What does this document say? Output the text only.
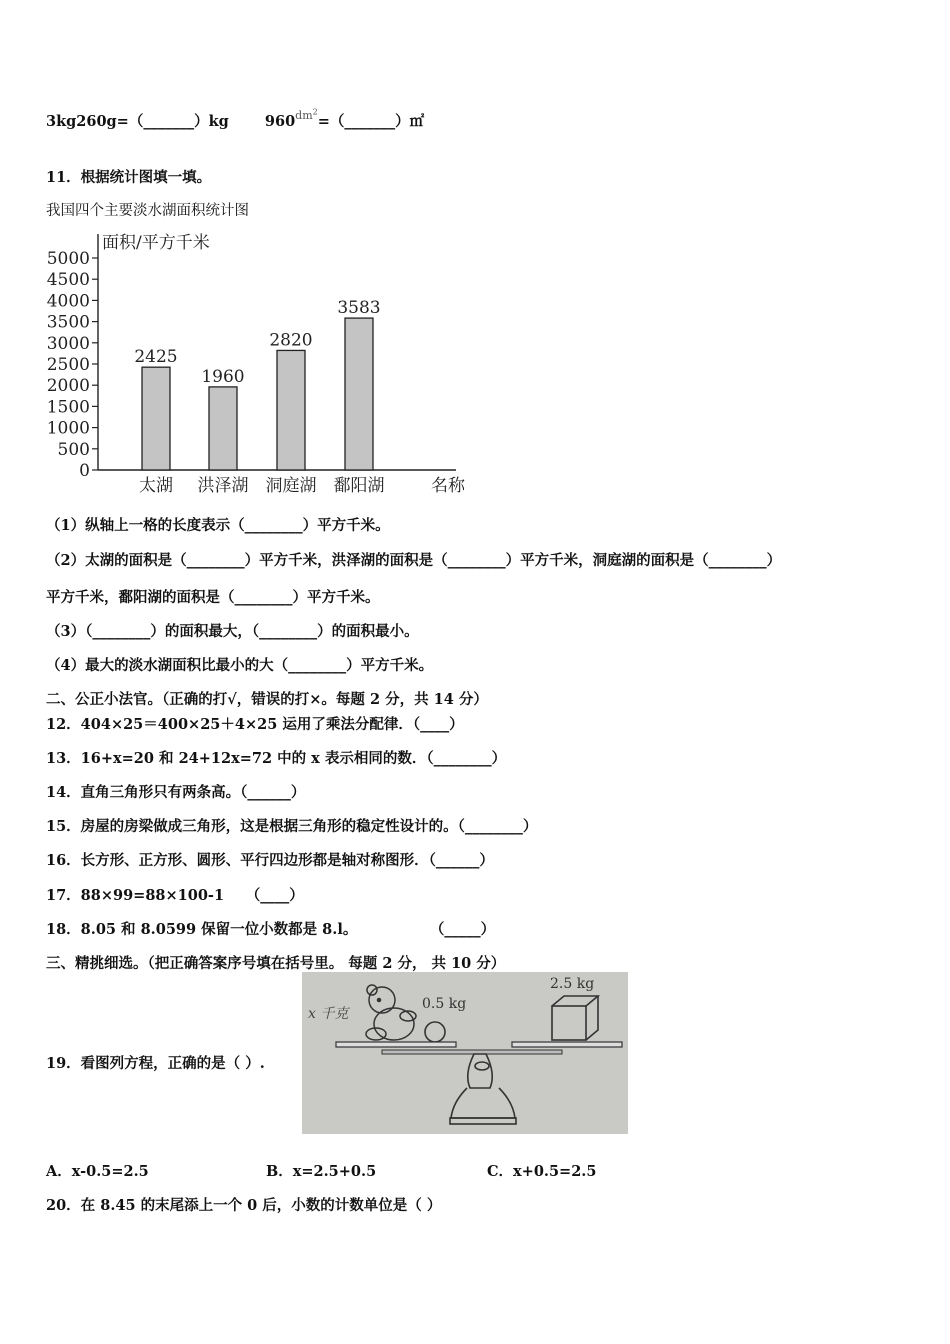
3kg260g=（_______）kg $960^{dm^2}=(\_\_\_\_\_\_\_)㎡$
11．根据统计图填一填。
我国四个主要淡水湖面积统计图
面积/平方千米
0
500
1000
1500
2000
2500
3000
3500
4000
4500
5000
2425
太湖
1960
洪泽湖
2820
洞庭湖
3583
鄱阳湖	名称
（1）纵轴上一格的长度表示（________）平方千米。
（2）太湖的面积是（________）平方千米，洪泽湖的面积是（________）平方千米，洞庭湖的面积是（________）
平方千米，鄱阳湖的面积是（________）平方千米。
（3）（________）的面积最大，（________）的面积最小。
（4）最大的淡水湖面积比最小的大（________）平方千米。
二、公正小法官。（正确的打√，错误的打×。每题 2 分，共 14 分）
12．404×25＝400×25＋4×25 运用了乘法分配律．（____）
13．16+x=20 和 24+12x=72 中的 x 表示相同的数．（________）
14．直角三角形只有两条高。（______）
15．房屋的房梁做成三角形，这是根据三角形的稳定性设计的。（________）
16．长方形、正方形、圆形、平行四边形都是轴对称图形．（______）
17．88×99=88×100-1　　（____）
18．8.05 和 8.0599 保留一位小数都是 8.l。　　　　　　（_____）
三、精挑细选。（把正确答案序号填在括号里。 每题 2 分， 共 10 分）
19．看图列方程，正确的是（ ）.
x 千克
0.5 kg
2.5 kg
A．x-0.5=2.5	B．x=2.5+0.5	C．x+0.5=2.5
20．在 8.45 的末尾添上一个 0 后，小数的计数单位是（ ）
